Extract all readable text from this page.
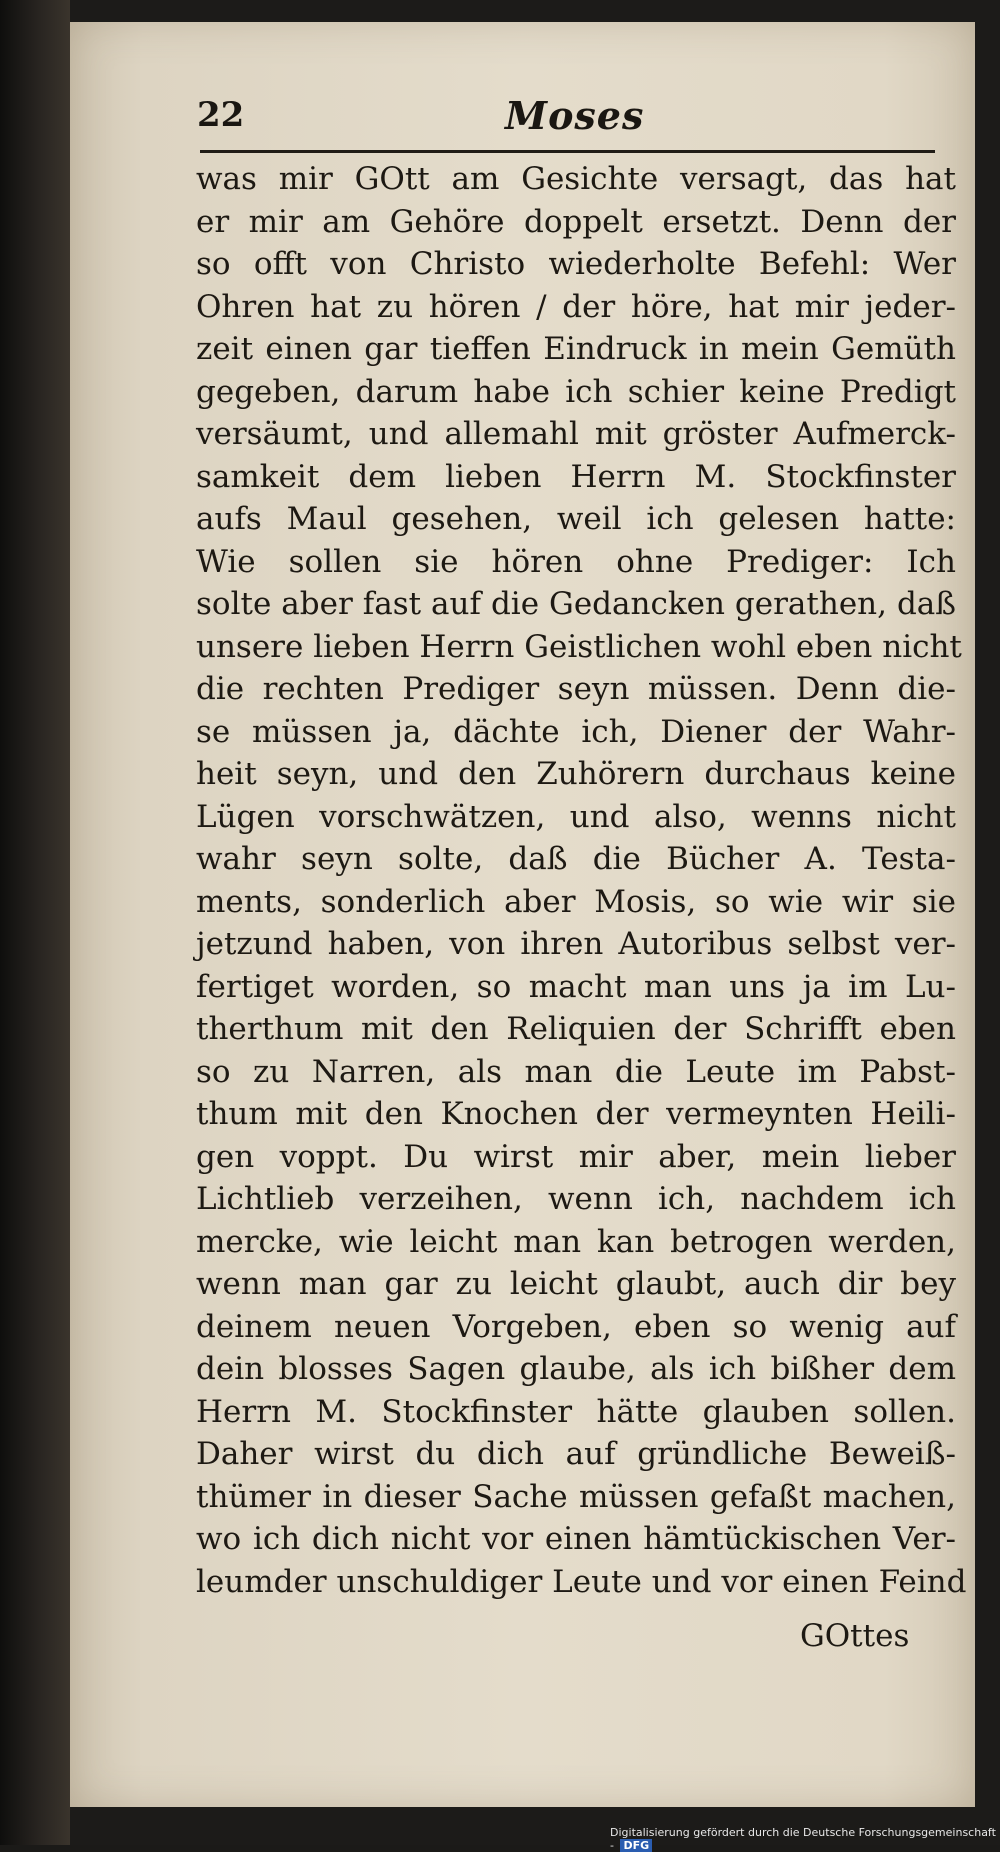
22	Moses
was mir GOtt am Gesichte versagt, das hat
er mir am Gehöre doppelt ersetzt. Denn der
so offt von Christo wiederholte Befehl: Wer
Ohren hat zu hören / der höre, hat mir jeder-
zeit einen gar tieffen Eindruck in mein Gemüth
gegeben, darum habe ich schier keine Predigt
versäumt, und allemahl mit gröster Aufmerck-
samkeit dem lieben Herrn M. Stockfinster
aufs Maul gesehen, weil ich gelesen hatte:
Wie sollen sie hören ohne Prediger: Ich
solte aber fast auf die Gedancken gerathen, daß
unsere lieben Herrn Geistlichen wohl eben nicht
die rechten Prediger seyn müssen. Denn die-
se müssen ja, dächte ich, Diener der Wahr-
heit seyn, und den Zuhörern durchaus keine
Lügen vorschwätzen, und also, wenns nicht
wahr seyn solte, daß die Bücher A. Testa-
ments, sonderlich aber Mosis, so wie wir sie
jetzund haben, von ihren Autoribus selbst ver-
fertiget worden, so macht man uns ja im Lu-
therthum mit den Reliquien der Schrifft eben
so zu Narren, als man die Leute im Pabst-
thum mit den Knochen der vermeynten Heili-
gen voppt. Du wirst mir aber, mein lieber
Lichtlieb verzeihen, wenn ich, nachdem ich
mercke, wie leicht man kan betrogen werden,
wenn man gar zu leicht glaubt, auch dir bey
deinem neuen Vorgeben, eben so wenig auf
dein blosses Sagen glaube, als ich bißher dem
Herrn M. Stockfinster hätte glauben sollen.
Daher wirst du dich auf gründliche Beweiß-
thümer in dieser Sache müssen gefaßt machen,
wo ich dich nicht vor einen hämtückischen Ver-
leumder unschuldiger Leute und vor einen Feind
GOttes
Digitalisierung gefördert durch die Deutsche Forschungsgemeinschaft - DFG
